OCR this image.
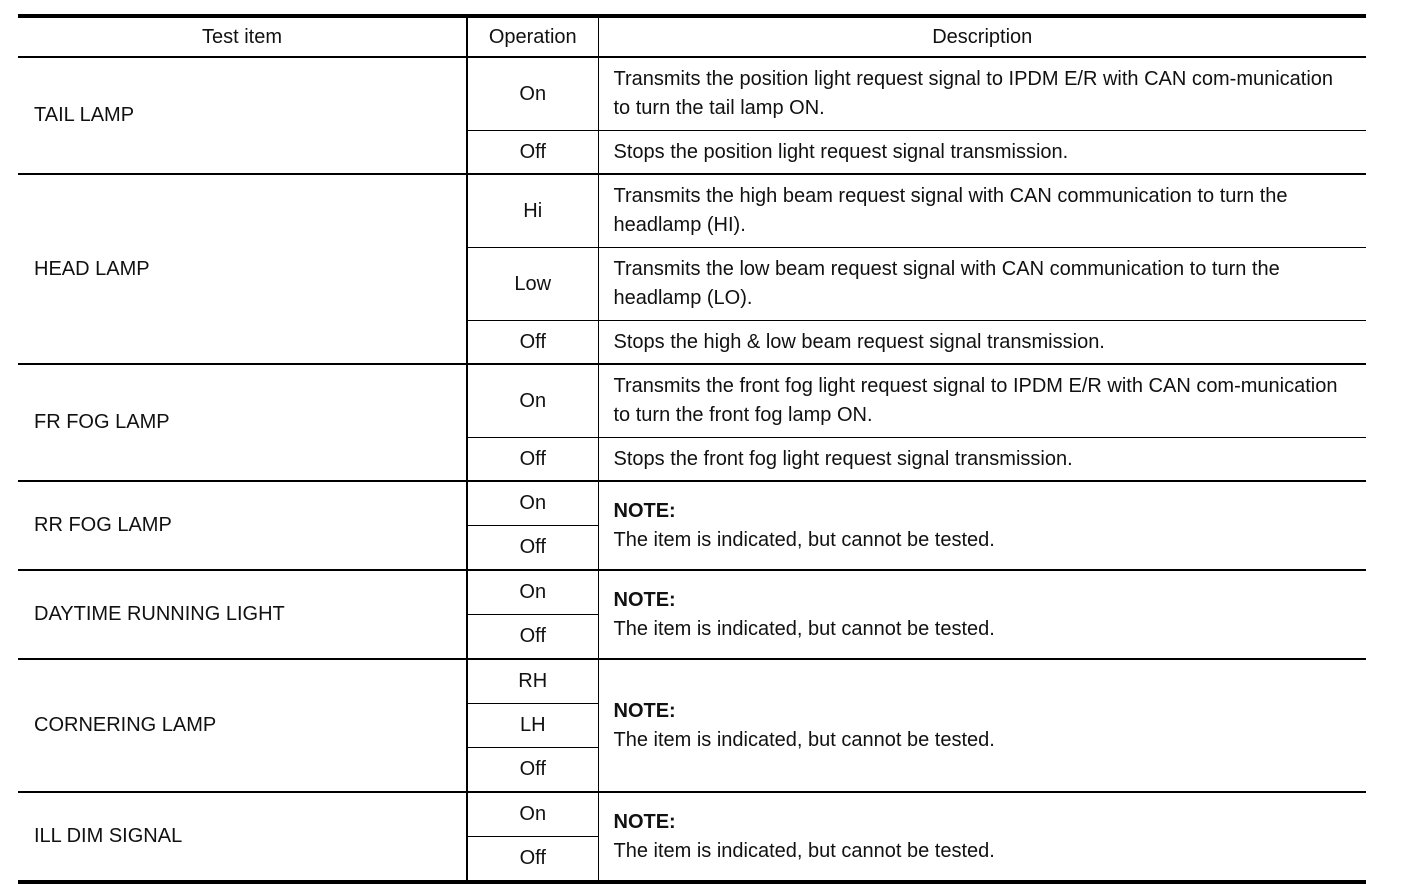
Test item	Operation	Description
TAIL LAMP	On	Transmits the position light request signal to IPDM E/R with CAN com-munication to turn the tail lamp ON.
	Off	Stops the position light request signal transmission.
HEAD LAMP	Hi	Transmits the high beam request signal with CAN communication to turn the headlamp (HI).
	Low	Transmits the low beam request signal with CAN communication to turn the headlamp (LO).
	Off	Stops the high & low beam request signal transmission.
FR FOG LAMP	On	Transmits the front fog light request signal to IPDM E/R with CAN com-munication to turn the front fog lamp ON.
	Off	Stops the front fog light request signal transmission.
RR FOG LAMP	On	NOTE:
The item is indicated, but cannot be tested.

	Off	
DAYTIME RUNNING LIGHT	On	NOTE:
The item is indicated, but cannot be tested.

	Off	
CORNERING LAMP	RH	NOTE:
The item is indicated, but cannot be tested.

	LH	
	Off	
ILL DIM SIGNAL	On	NOTE:
The item is indicated, but cannot be tested.

	Off	
